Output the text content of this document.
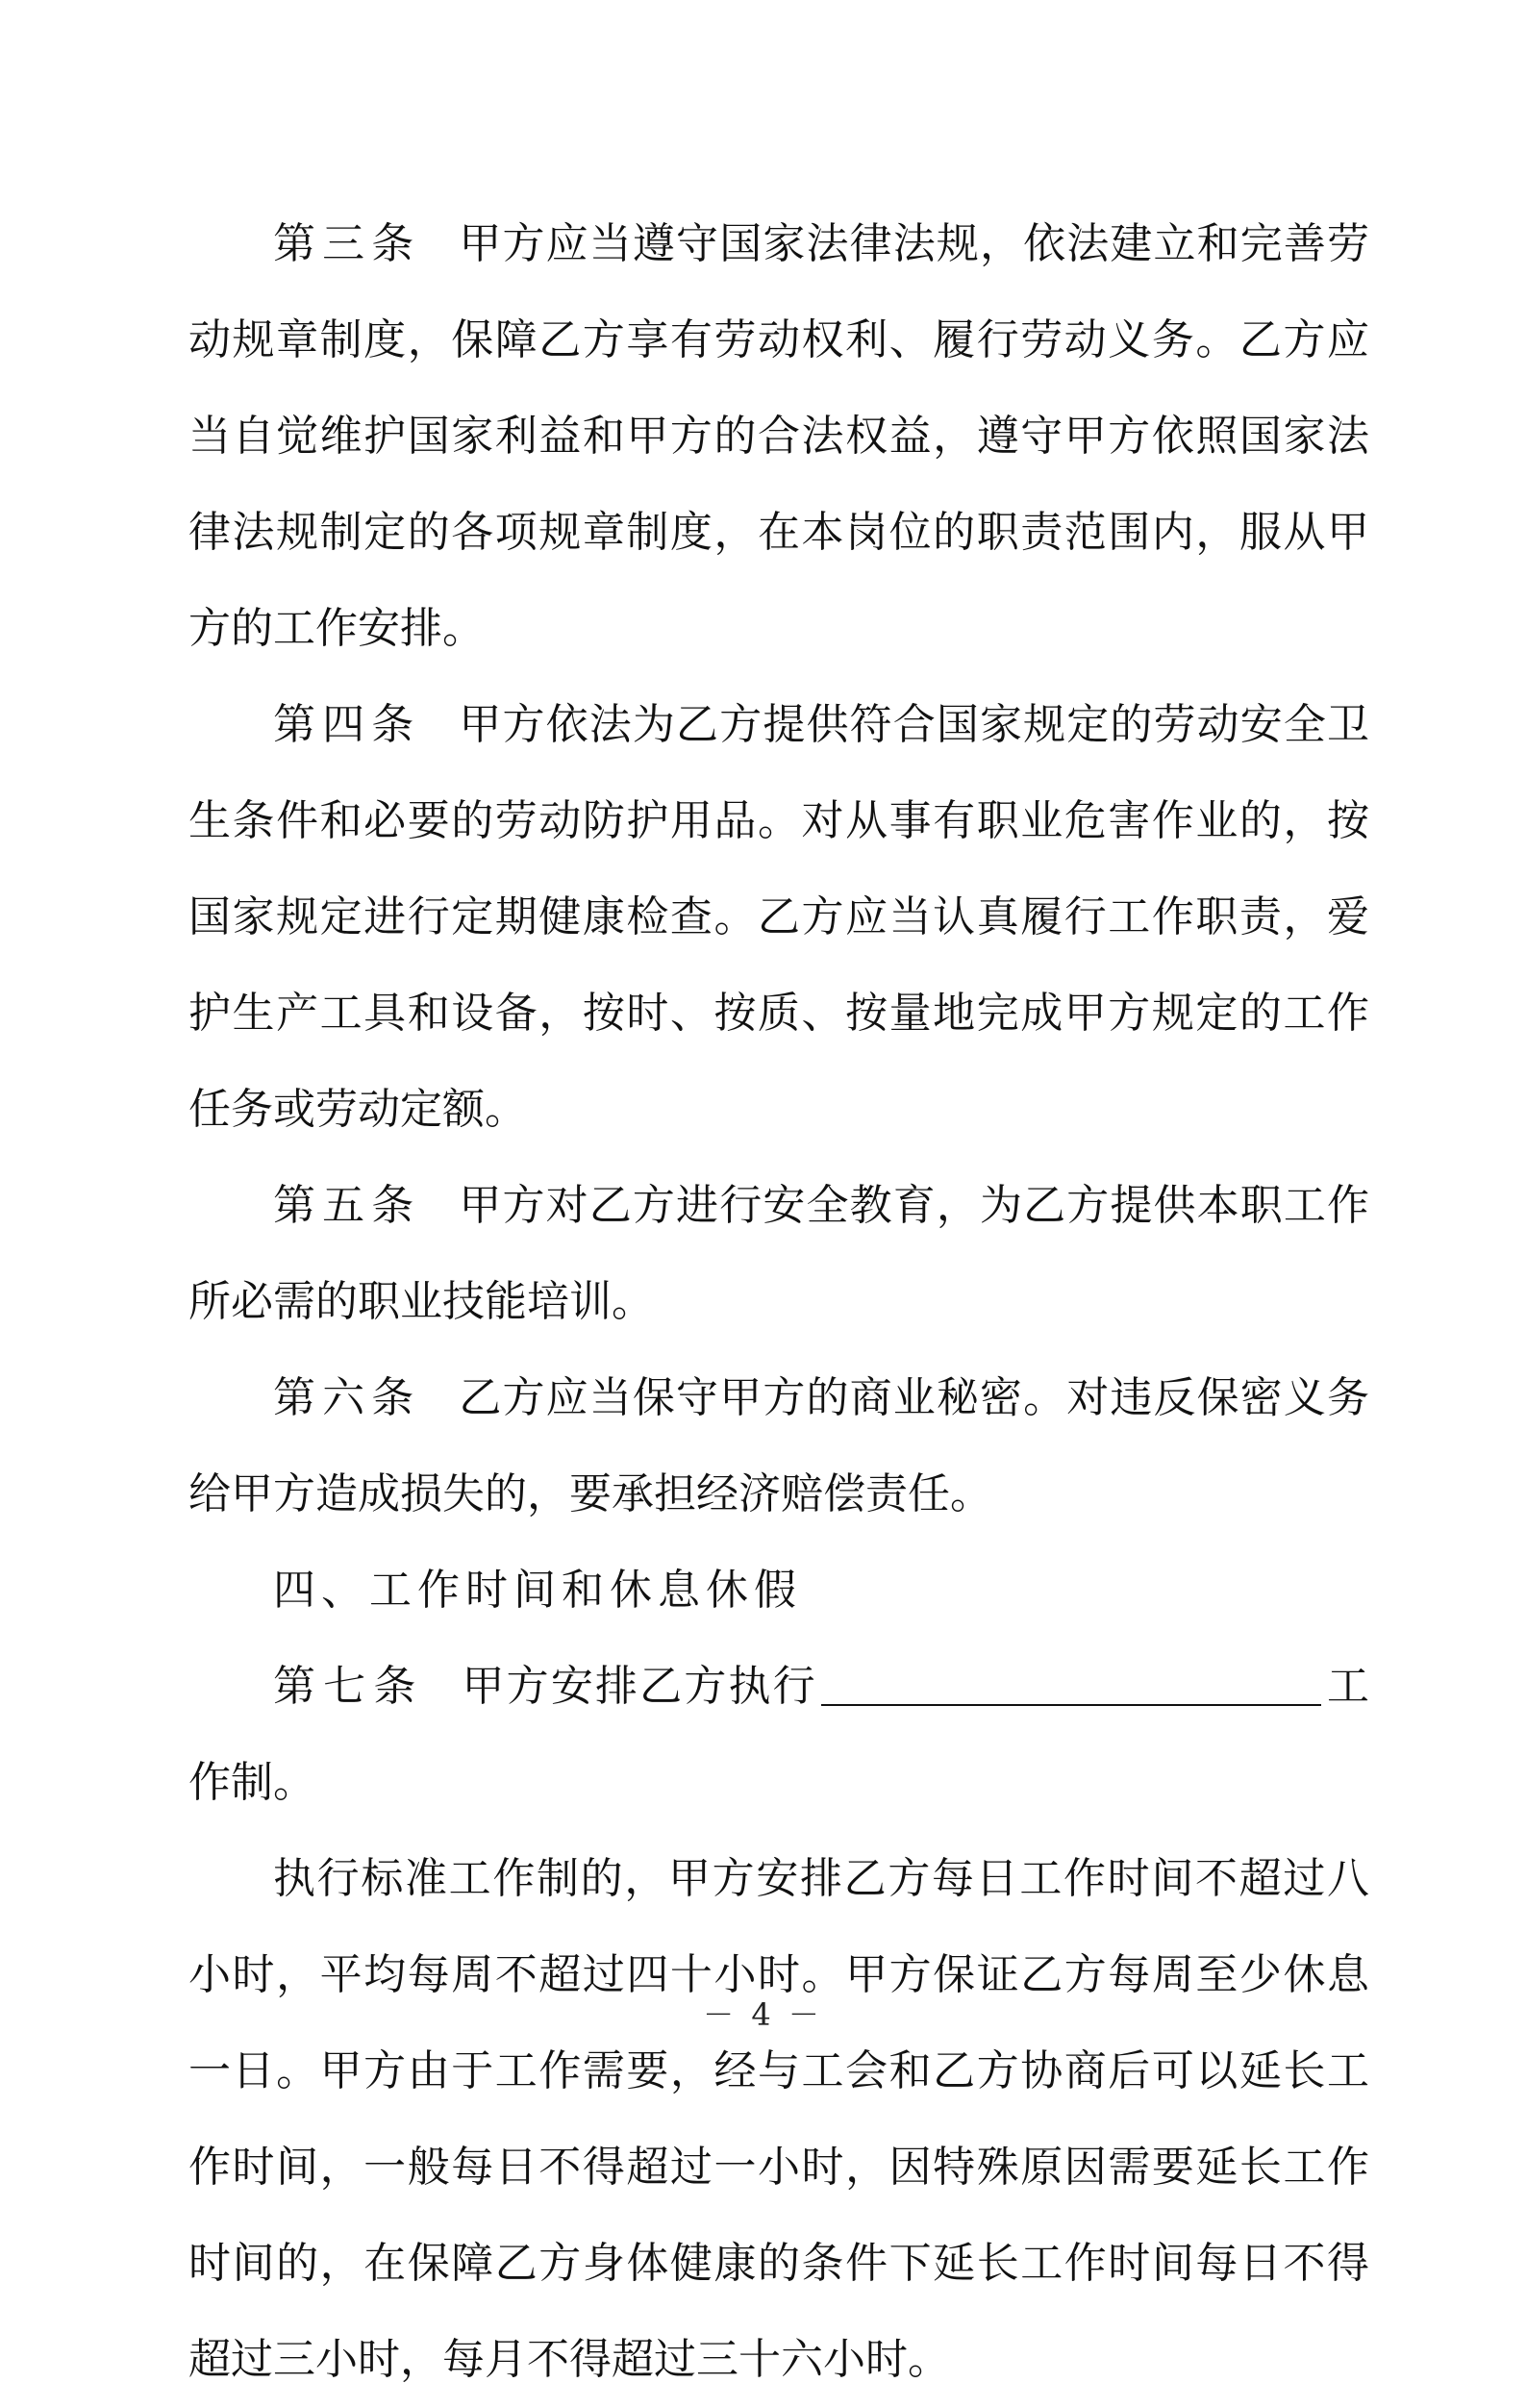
第三条 甲方应当遵守国家法律法规，依法建立和完善劳动规章制度，保障乙方享有劳动权利、履行劳动义务。乙方应当自觉维护国家利益和甲方的合法权益，遵守甲方依照国家法律法规制定的各项规章制度，在本岗位的职责范围内，服从甲方的工作安排。

第四条 甲方依法为乙方提供符合国家规定的劳动安全卫生条件和必要的劳动防护用品。对从事有职业危害作业的，按国家规定进行定期健康检查。乙方应当认真履行工作职责，爱护生产工具和设备，按时、按质、按量地完成甲方规定的工作任务或劳动定额。

第五条 甲方对乙方进行安全教育，为乙方提供本职工作所必需的职业技能培训。

第六条 乙方应当保守甲方的商业秘密。对违反保密义务给甲方造成损失的，要承担经济赔偿责任。

四、工作时间和休息休假

第七条 甲方安排乙方执行	工作制。

执行标准工作制的，甲方安排乙方每日工作时间不超过八小时，平均每周不超过四十小时。甲方保证乙方每周至少休息一日。甲方由于工作需要，经与工会和乙方协商后可以延长工作时间，一般每日不得超过一小时，因特殊原因需要延长工作时间的，在保障乙方身体健康的条件下延长工作时间每日不得超过三小时，每月不得超过三十六小时。

－ 4 －
